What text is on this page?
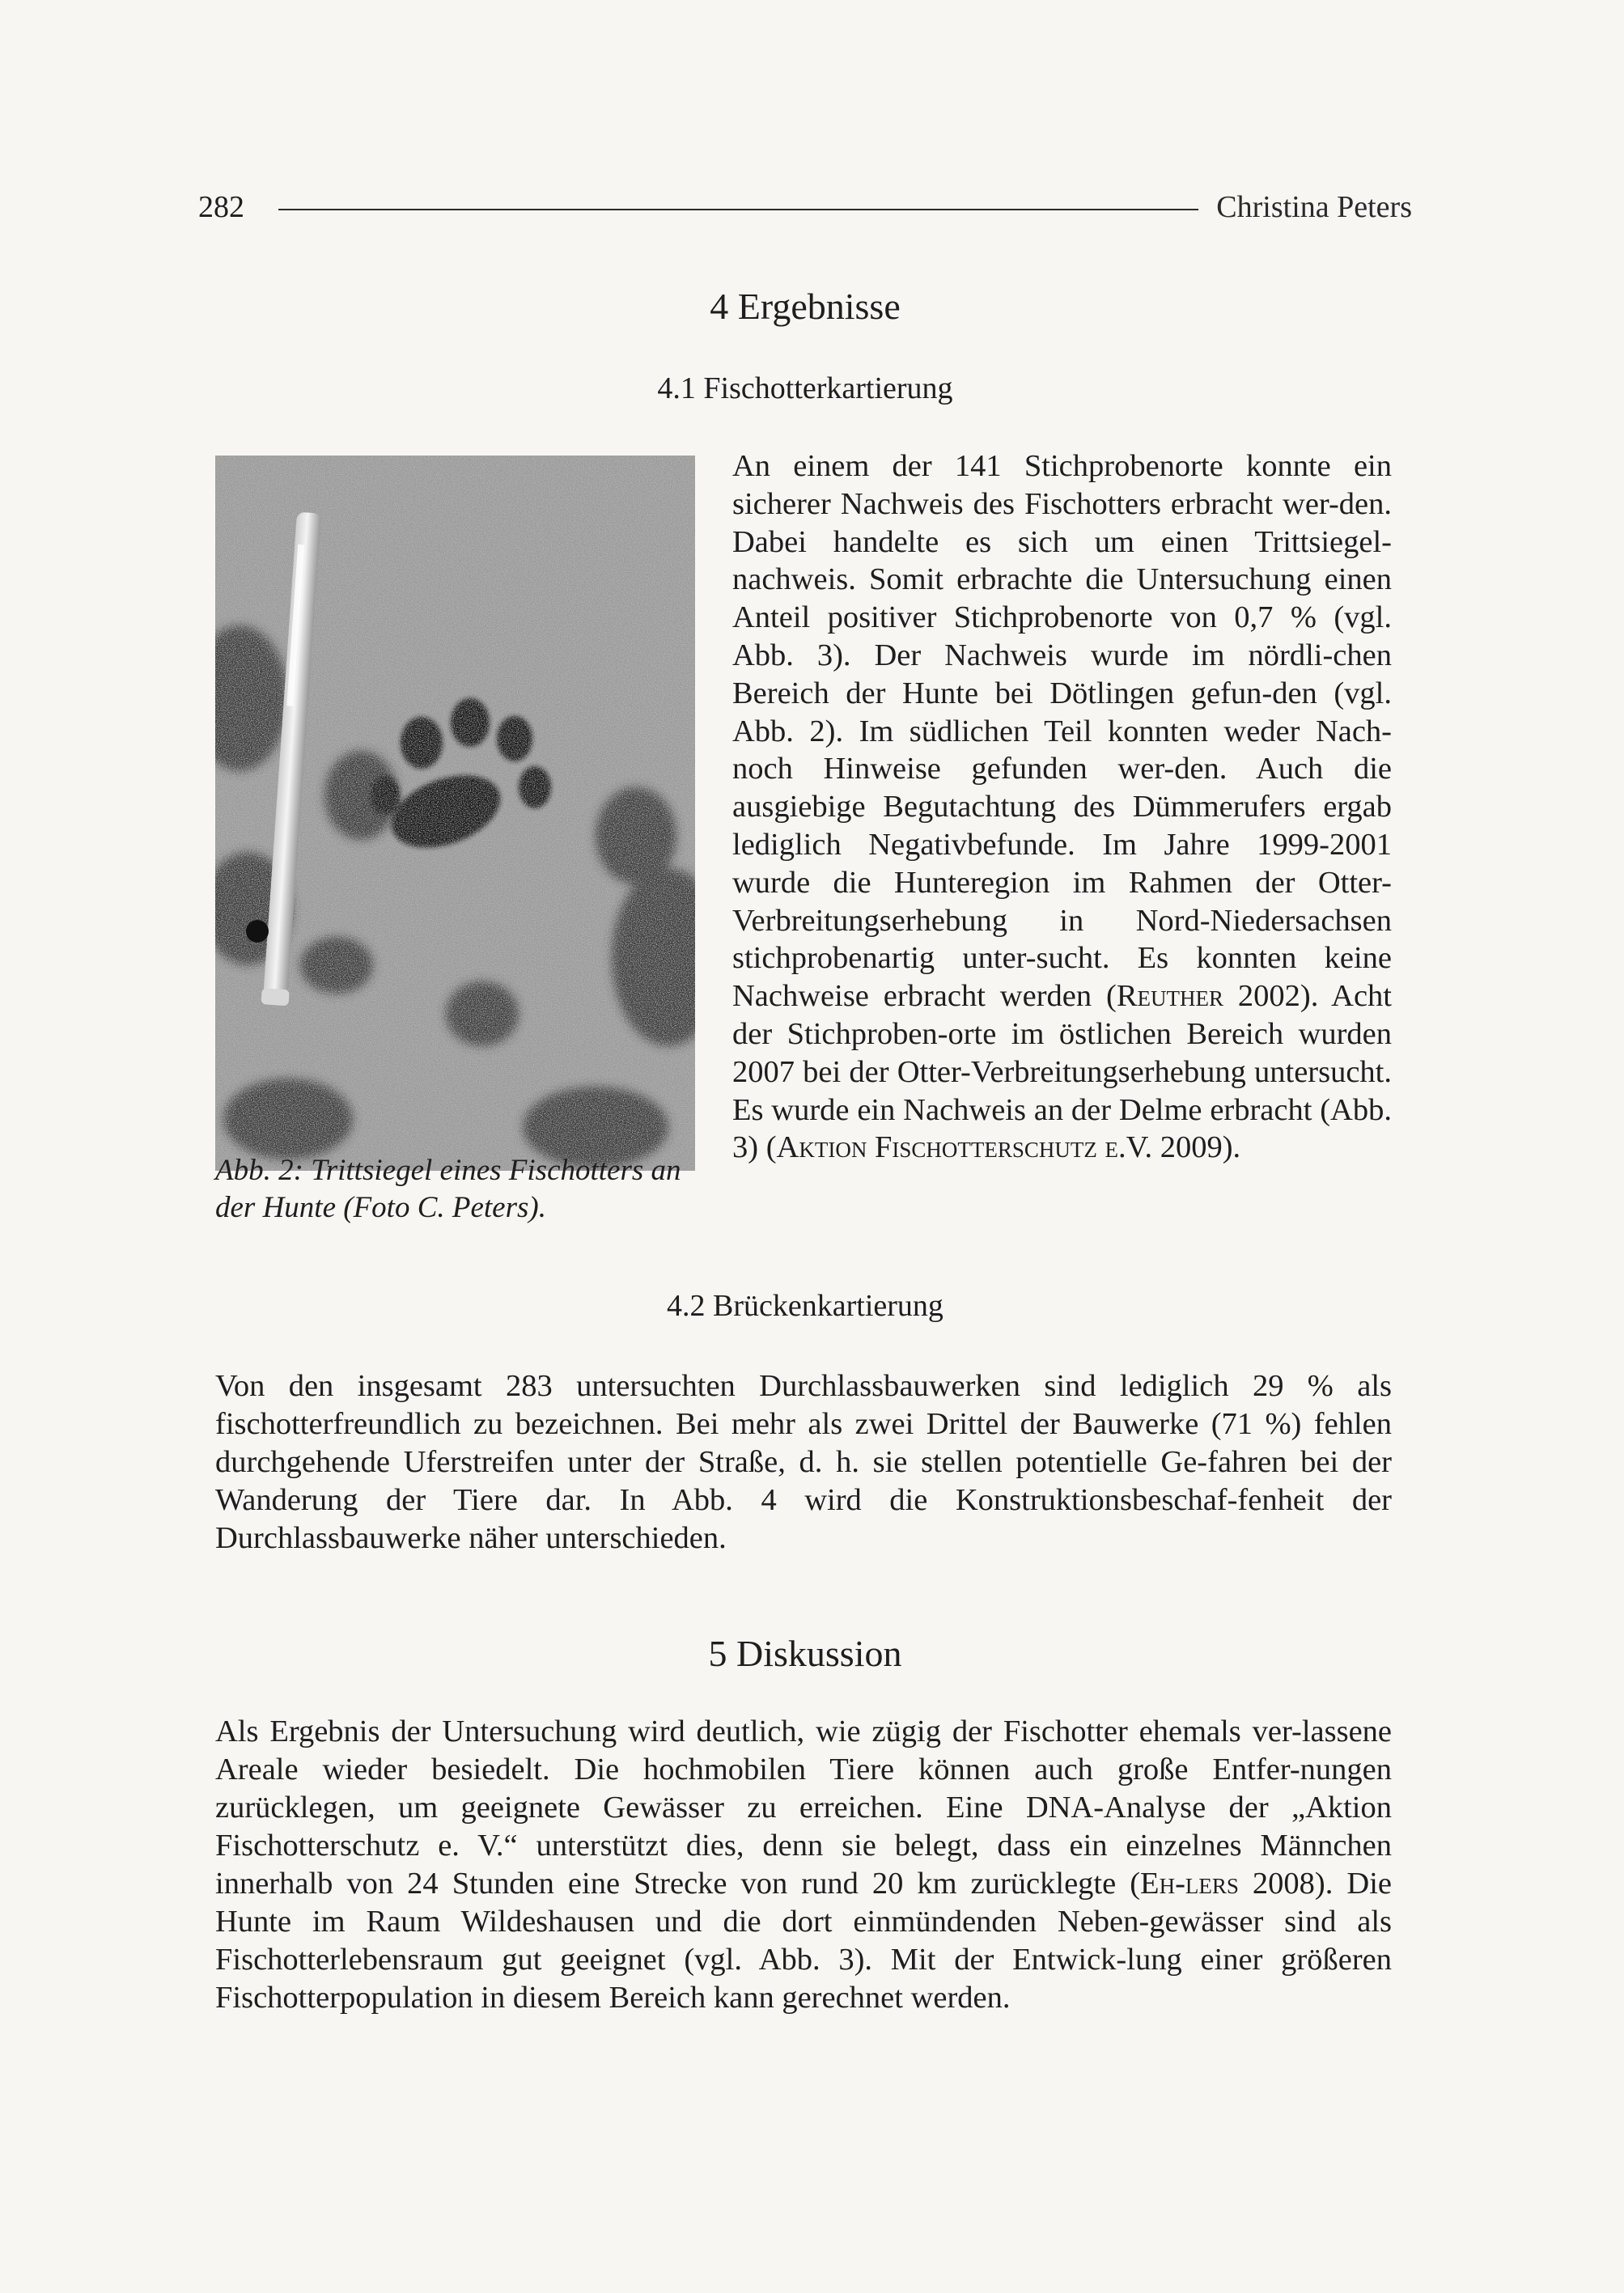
282	Christina Peters
4 Ergebnisse
4.1 Fischotterkartierung

Abb. 2: Trittsiegel eines Fischotters an der Hunte (Foto C. Peters).

An einem der 141 Stichprobenorte konnte ein sicherer Nachweis des Fischotters erbracht wer-den. Dabei handelte es sich um einen Trittsiegel-nachweis. Somit erbrachte die Untersuchung einen Anteil positiver Stichprobenorte von 0,7 % (vgl. Abb. 3). Der Nachweis wurde im nördli-chen Bereich der Hunte bei Dötlingen gefun-den (vgl. Abb. 2). Im südlichen Teil konnten weder Nach- noch Hinweise gefunden wer-den. Auch die ausgiebige Begutachtung des Dümmerufers ergab lediglich Negativbefunde. Im Jahre 1999-2001 wurde die Hunteregion im Rahmen der Otter-Verbreitungserhebung in Nord-Niedersachsen stichprobenartig unter-sucht. Es konnten keine Nachweise erbracht werden (Reuther 2002). Acht der Stichproben-orte im östlichen Bereich wurden 2007 bei der Otter-Verbreitungserhebung untersucht. Es wurde ein Nachweis an der Delme erbracht (Abb. 3) (Aktion Fischotterschutz e.V. 2009).

4.2 Brückenkartierung

Von den insgesamt 283 untersuchten Durchlassbauwerken sind lediglich 29 % als fischotterfreundlich zu bezeichnen. Bei mehr als zwei Drittel der Bauwerke (71 %) fehlen durchgehende Uferstreifen unter der Straße, d. h. sie stellen potentielle Ge-fahren bei der Wanderung der Tiere dar. In Abb. 4 wird die Konstruktionsbeschaf-fenheit der Durchlassbauwerke näher unterschieden.

5 Diskussion

Als Ergebnis der Untersuchung wird deutlich, wie zügig der Fischotter ehemals ver-lassene Areale wieder besiedelt. Die hochmobilen Tiere können auch große Entfer-nungen zurücklegen, um geeignete Gewässer zu erreichen. Eine DNA-Analyse der „Aktion Fischotterschutz e. V.“ unterstützt dies, denn sie belegt, dass ein einzelnes Männchen innerhalb von 24 Stunden eine Strecke von rund 20 km zurücklegte (Eh-lers 2008). Die Hunte im Raum Wildeshausen und die dort einmündenden Neben-gewässer sind als Fischotterlebensraum gut geeignet (vgl. Abb. 3). Mit der Entwick-lung einer größeren Fischotterpopulation in diesem Bereich kann gerechnet werden.
